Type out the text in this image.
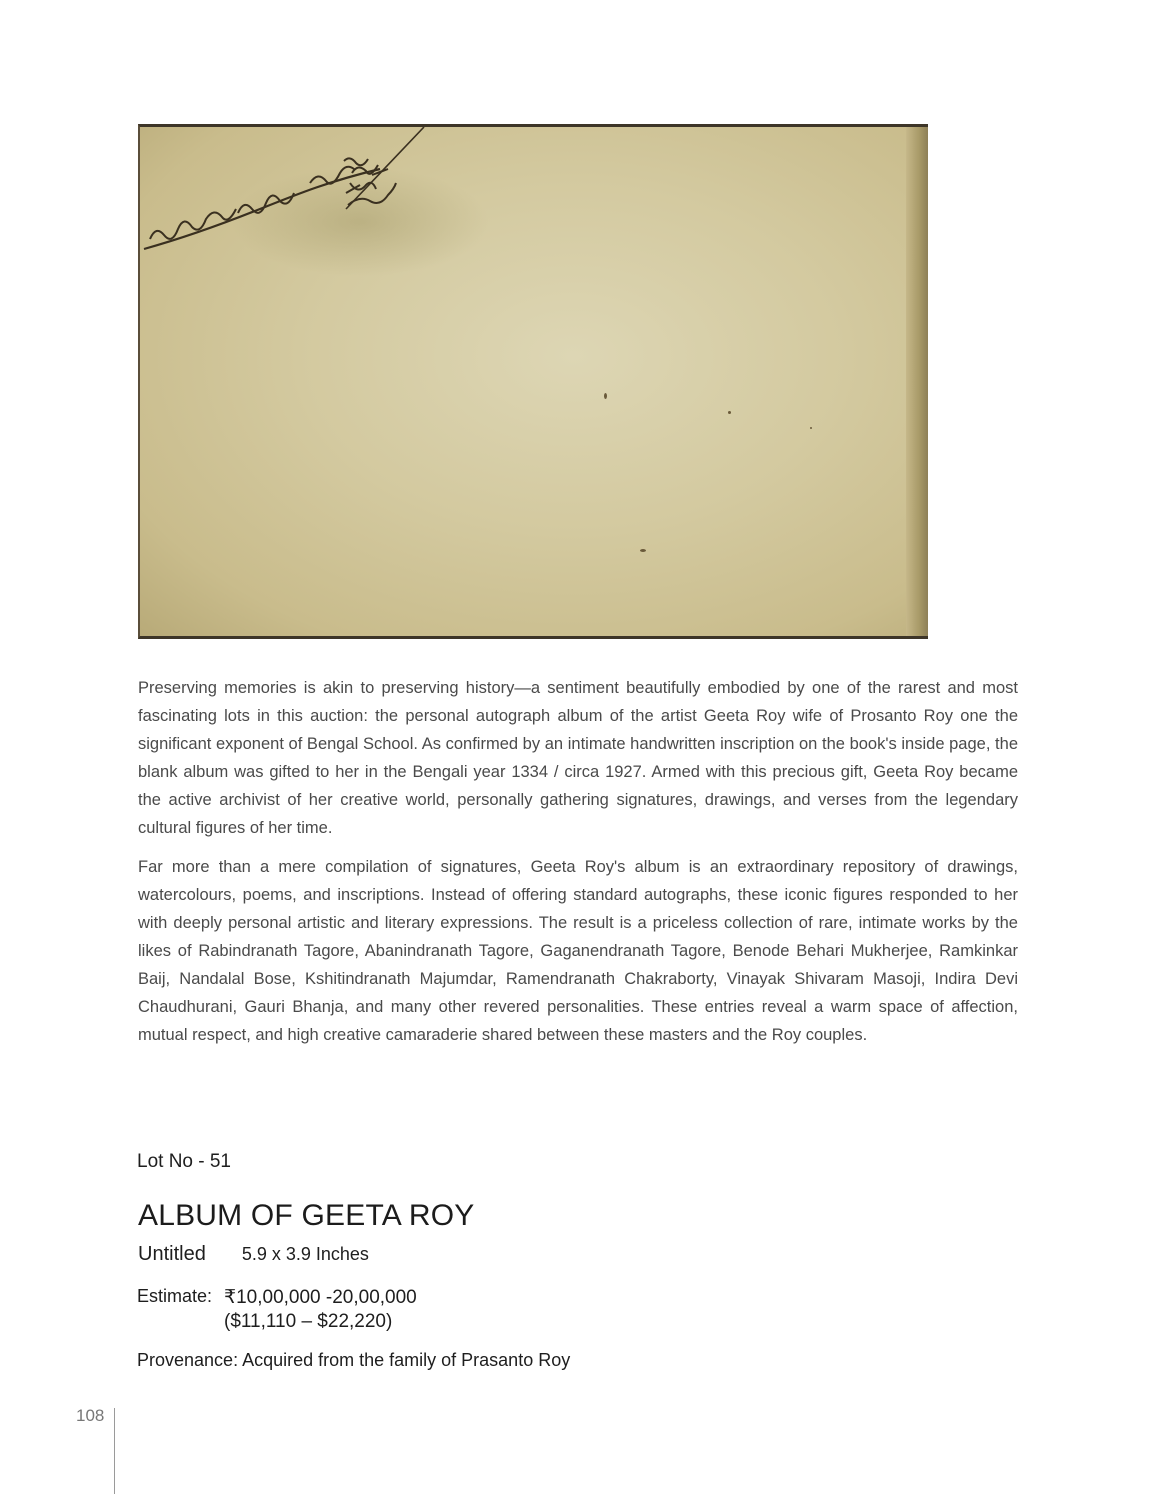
Preserving memories is akin to preserving history—a sentiment beautifully embodied by one of the rarest and most fascinating lots in this auction: the personal autograph album of the artist Geeta Roy wife of Prosanto Roy one the significant exponent of Bengal School. As confirmed by an intimate handwritten inscription on the book's inside page, the blank album was gifted to her in the Bengali year 1334 / circa 1927. Armed with this precious gift, Geeta Roy became the active archivist of her creative world, personally gathering signatures, drawings, and verses from the legendary cultural figures of her time.

Far more than a mere compilation of signatures, Geeta Roy's album is an extraordinary repository of drawings, watercolours, poems, and inscriptions. Instead of offering standard autographs, these iconic figures responded to her with deeply personal artistic and literary expressions. The result is a priceless collection of rare, intimate works by the likes of Rabindranath Tagore, Abanindranath Tagore, Gaganendranath Tagore, Benode Behari Mukherjee, Ramkinkar Baij, Nandalal Bose, Kshitindranath Majumdar, Ramendranath Chakraborty, Vinayak Shivaram Masoji, Indira Devi Chaudhurani, Gauri Bhanja, and many other revered personalities. These entries reveal a warm space of affection, mutual respect, and high creative camaraderie shared between these masters and the Roy couples.

Lot No - 51
ALBUM OF GEETA ROY
Untitled 5.9 x 3.9 Inches
Estimate: ₹10,00,000 -20,00,000
($11,110 – $22,220)
Provenance: Acquired from the family of Prasanto Roy
108
